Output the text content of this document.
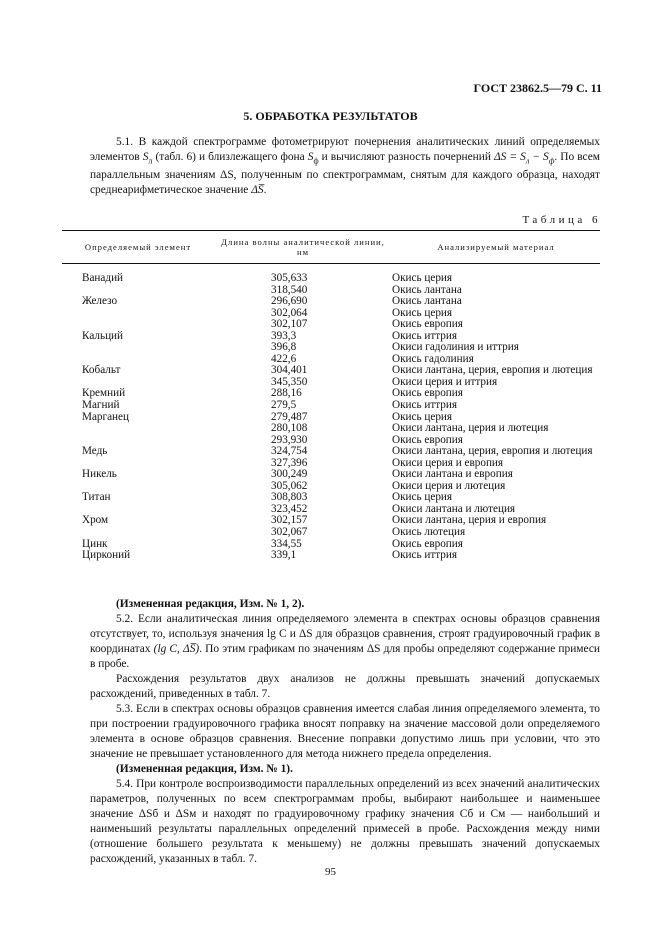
ГОСТ 23862.5—79 С. 11
5. ОБРАБОТКА РЕЗУЛЬТАТОВ
5.1. В каждой спектрограмме фотометрируют почернения аналитических линий определяемых элементов $S_л$ (табл. 6) и близлежащего фона $S_ф$ и вычисляют разность почернений $\Delta S = S_л - S_ф$. По всем параллельным значениям ΔS, полученным по спектрограммам, снятым для каждого образца, находят среднеарифметическое значение ΔS̅.
Таблица 6
Определяемый элемент	Длина волны аналитической линии, нм	Анализируемый материал
Ванадий	305,633	Окись церия
	318,540	Окись лантана
Железо	296,690	Окись лантана
	302,064	Окись церия
	302,107	Окись европия
Кальций	393,3	Окись иттрия
	396,8	Окиси гадолиния и иттрия
	422,6	Окись гадолиния
Кобальт	304,401	Окиси лантана, церия, европия и лютеция
	345,350	Окиси церия и иттрия
Кремний	288,16	Окись европия
Магний	279,5	Окись иттрия
Марганец	279,487	Окись церия
	280,108	Окиси лантана, церия и лютеция
	293,930	Окись европия
Медь	324,754	Окиси лантана, церия, европия и лютеция
	327,396	Окиси церия и европия
Никель	300,249	Окиси лантана и европия
	305,062	Окиси церия и лютеция
Титан	308,803	Окись церия
	323,452	Окиси лантана и лютеция
Хром	302,157	Окиси лантана, церия и европия
	302,067	Окись лютеция
Цинк	334,55	Окись европия
Цирконий	339,1	Окись иттрия
(Измененная редакция, Изм. № 1, 2).
5.2. Если аналитическая линия определяемого элемента в спектрах основы образцов сравнения отсутствует, то, используя значения lg C и ΔS для образцов сравнения, строят градуировочный график в координатах (lg C, ΔS̅). По этим графикам по значениям ΔS для пробы определяют содержание примеси в пробе.
Расхождения результатов двух анализов не должны превышать значений допускаемых расхождений, приведенных в табл. 7.
5.3. Если в спектрах основы образцов сравнения имеется слабая линия определяемого элемента, то при построении градуировочного графика вносят поправку на значение массовой доли определяемого элемента в основе образцов сравнения. Внесение поправки допустимо лишь при условии, что это значение не превышает установленного для метода нижнего предела определения.
(Измененная редакция, Изм. № 1).
5.4. При контроле воспроизводимости параллельных определений из всех значений аналитических параметров, полученных по всем спектрограммам пробы, выбирают наибольшее и наименьшее значение ΔSб и ΔSм и находят по градуировочному графику значения Сб и Cм — наибольший и наименьший результаты параллельных определений примесей в пробе. Расхождения между ними (отношение большего результата к меньшему) не должны превышать значений допускаемых расхождений, указанных в табл. 7.
95
